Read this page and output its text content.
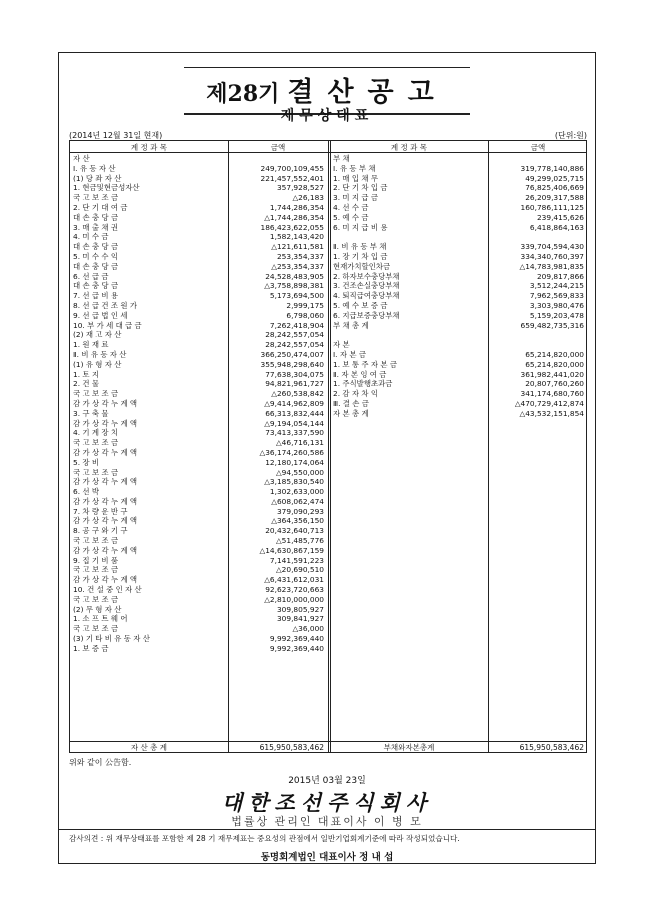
제28기 결산공고
재무상태표
(2014년 12월 31일 현재)	(단위:원)
계 정 과 목	금액	계 정 과 목	금액
자 산
Ⅰ. 유 동 자 산	249,700,109,455
(1) 당 좌 자 산	221,457,552,401
1. 현금및현금성자산	357,928,527
국 고 보 조 금	△26,183
2. 단 기 대 여 금	1,744,286,354
대 손 충 당 금	△1,744,286,354
3. 매 출 채 권	186,423,622,055
4. 미 수 금	1,582,143,420
대 손 충 당 금	△121,611,581
5. 미 수 수 익	253,354,337
대 손 충 당 금	△253,354,337
6. 선 급 금	24,528,483,905
대 손 충 당 금	△3,758,898,381
7. 선 급 비 용	5,173,694,500
8. 선 급 건 조 원 가	2,999,175
9. 선 급 법 인 세	6,798,060
10. 부 가 세 대 급 금	7,262,418,904
(2) 재 고 자 산	28,242,557,054
1. 원 재 료	28,242,557,054
Ⅱ. 비 유 동 자 산	366,250,474,007
(1) 유 형 자 산	355,948,298,640
1. 토 지	77,638,304,075
2. 건 물	94,821,961,727
국 고 보 조 금	△260,538,842
감 가 상 각 누 계 액	△9,414,962,809
3. 구 축 물	66,313,832,444
감 가 상 각 누 계 액	△9,194,054,144
4. 기 계 장 치	73,413,337,590
국 고 보 조 금	△46,716,131
감 가 상 각 누 계 액	△36,174,260,586
5. 장 비	12,180,174,064
국 고 보 조 금	△94,550,000
감 가 상 각 누 계 액	△3,185,830,540
6. 선 박	1,302,633,000
감 가 상 각 누 계 액	△608,062,474
7. 차 량 운 반 구	379,090,293
감 가 상 각 누 계 액	△364,356,150
8. 공 구 와 기 구	20,432,640,713
국 고 보 조 금	△51,485,776
감 가 상 각 누 계 액	△14,630,867,159
9. 집 기 비 품	7,141,591,223
국 고 보 조 금	△20,690,510
감 가 상 각 누 계 액	△6,431,612,031
10. 건 설 중 인 자 산	92,623,720,663
국 고 보 조 금	△2,810,000,000
(2) 무 형 자 산	309,805,927
1. 소 프 트 웨 어	309,841,927
국 고 보 조 금	△36,000
(3) 기 타 비 유 동 자 산	9,992,369,440
1. 보 증 금	9,992,369,440
부 채
Ⅰ. 유 동 부 채	319,778,140,886
1. 매 입 채 무	49,299,025,715
2. 단 기 차 입 금	76,825,406,669
3. 미 지 급 금	26,209,317,588
4. 선 수 금	160,786,111,125
5. 예 수 금	239,415,626
6. 미 지 급 비 용	6,418,864,163
Ⅱ. 비 유 동 부 채	339,704,594,430
1. 장 기 차 입 금	334,340,760,397
현재가치할인차금	△14,783,981,835
2. 하자보수충당부채	209,817,866
3. 건조손실충당부채	3,512,244,215
4. 퇴직급여충당부채	7,962,569,833
5. 예 수 보 증 금	3,303,980,476
6. 지급보증충당부채	5,159,203,478
부 채 총 계	659,482,735,316
자 본
Ⅰ. 자 본 금	65,214,820,000
1. 보 통 주 자 본 금	65,214,820,000
Ⅱ. 자 본 잉 여 금	361,982,441,020
1. 주식발행초과금	20,807,760,260
2. 감 자 차 익	341,174,680,760
Ⅲ. 결 손 금	△470,729,412,874
자 본 총 계	△43,532,151,854
자 산 총 계	615,950,583,462	부채와자본총계	615,950,583,462
위와 같이 公告함.
2015년 03월 23일
대한조선주식회사
법률상 관리인 대표이사 이 병 모
감사의견 : 위 재무상태표를 포함한 제 28 기 재무제표는 중요성의 관점에서 일반기업회계기준에 따라 작성되었습니다.
동명회계법인 대표이사 정 내 섭
